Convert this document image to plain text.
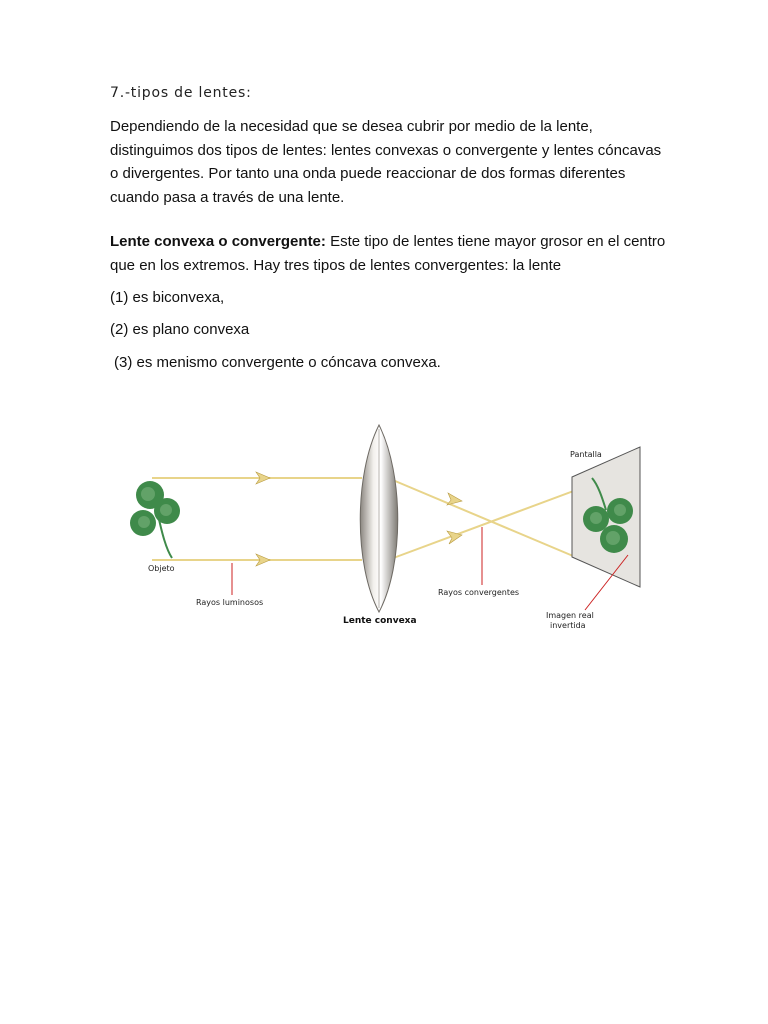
7.-tipos de lentes:
Dependiendo de la necesidad que se desea cubrir por medio de la lente, distinguimos dos tipos de lentes: lentes convexas o convergente y lentes cóncavas o divergentes. Por tanto una onda puede reaccionar de dos formas diferentes cuando pasa a través de una lente.
Lente convexa o convergente: Este tipo de lentes tiene mayor grosor en el centro que en los extremos. Hay tres tipos de lentes convergentes: la lente
(1) es biconvexa,
(2) es plano convexa
(3) es menismo convergente o cóncava convexa.
Objeto
Rayos luminosos
Lente convexa
Rayos convergentes
Pantalla
Imagen real
invertida
